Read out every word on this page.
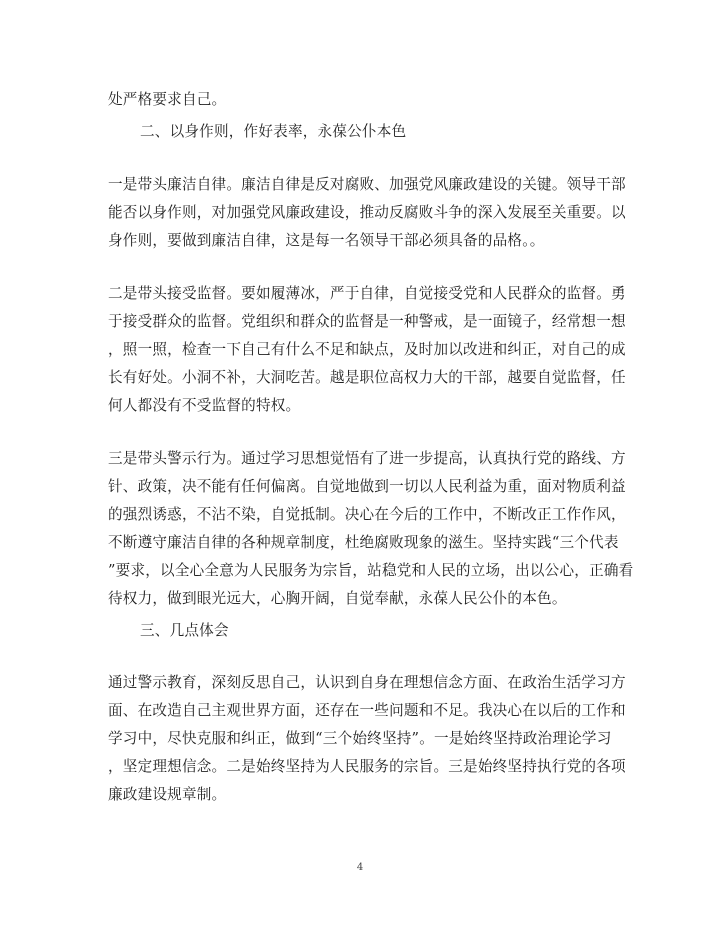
处严格要求自己。
二、以身作则，作好表率，永葆公仆本色
一是带头廉洁自律。廉洁自律是反对腐败、加强党风廉政建设的关键。领导干部
能否以身作则，对加强党风廉政建设，推动反腐败斗争的深入发展至关重要。以
身作则，要做到廉洁自律，这是每一名领导干部必须具备的品格。。
二是带头接受监督。要如履薄冰，严于自律，自觉接受党和人民群众的监督。勇
于接受群众的监督。党组织和群众的监督是一种警戒，是一面镜子，经常想一想
，照一照，检查一下自己有什么不足和缺点，及时加以改进和纠正，对自己的成
长有好处。小洞不补，大洞吃苦。越是职位高权力大的干部，越要自觉监督，任
何人都没有不受监督的特权。
三是带头警示行为。通过学习思想觉悟有了进一步提高，认真执行党的路线、方
针、政策，决不能有任何偏离。自觉地做到一切以人民利益为重，面对物质利益
的强烈诱惑，不沾不染，自觉抵制。决心在今后的工作中，不断改正工作作风，
不断遵守廉洁自律的各种规章制度，杜绝腐败现象的滋生。坚持实践“三个代表
”要求，以全心全意为人民服务为宗旨，站稳党和人民的立场，出以公心，正确看
待权力，做到眼光远大，心胸开阔，自觉奉献，永葆人民公仆的本色。
三、几点体会
通过警示教育，深刻反思自己，认识到自身在理想信念方面、在政治生活学习方
面、在改造自己主观世界方面，还存在一些问题和不足。我决心在以后的工作和
学习中，尽快克服和纠正，做到“三个始终坚持”。一是始终坚持政治理论学习
，坚定理想信念。二是始终坚持为人民服务的宗旨。三是始终坚持执行党的各项
廉政建设规章制。
4
